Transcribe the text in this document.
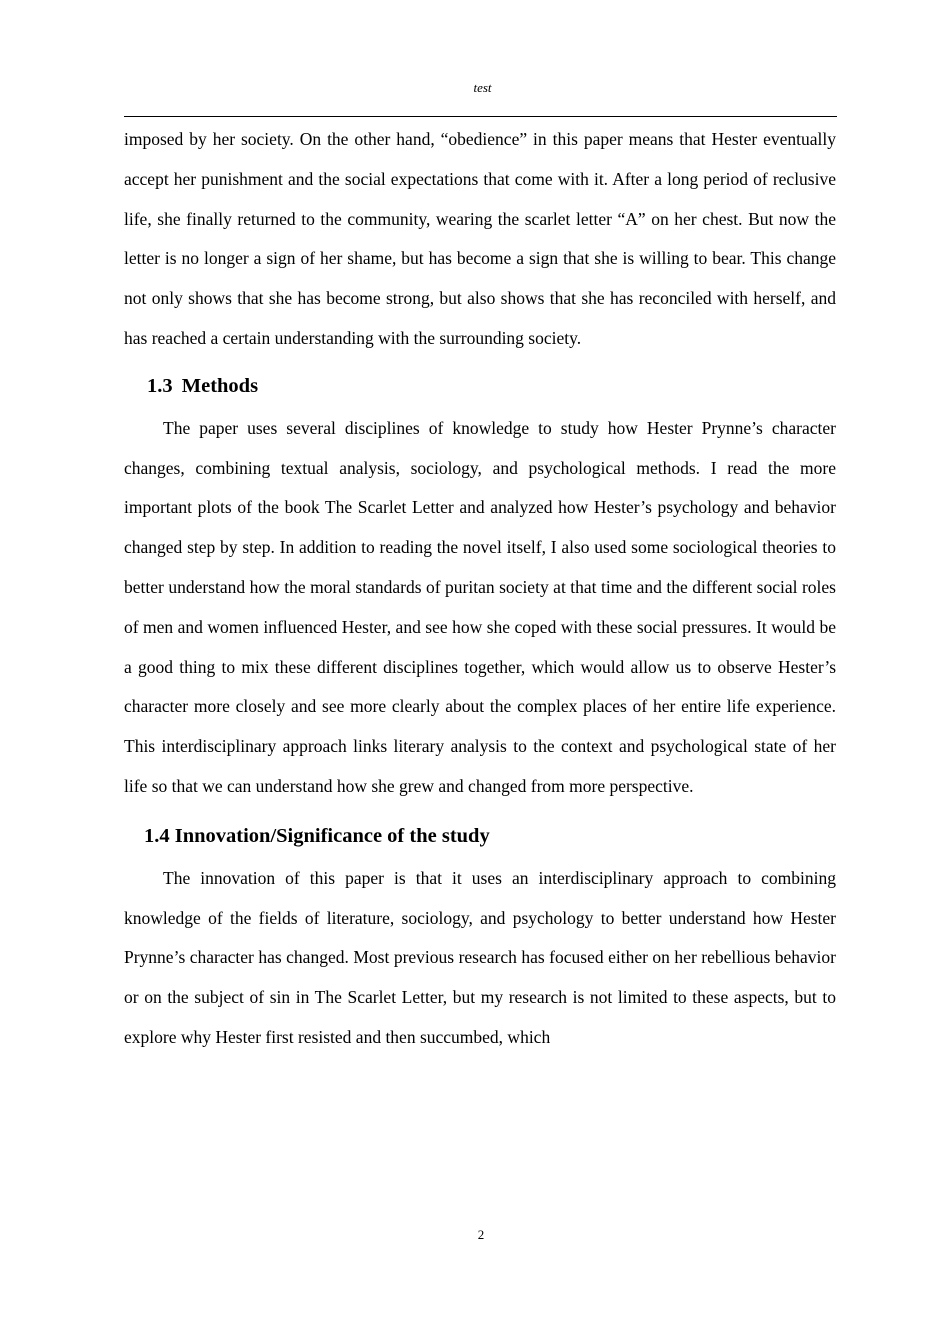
test

imposed by her society. On the other hand, “obedience” in this paper means that Hester eventually accept her punishment and the social expectations that come with it. After a long period of reclusive life, she finally returned to the community, wearing the scarlet letter “A” on her chest. But now the letter is no longer a sign of her shame, but has become a sign that she is willing to bear. This change not only shows that she has become strong, but also shows that she has reconciled with herself, and has reached a certain understanding with the surrounding society.

1.3 Methods

The paper uses several disciplines of knowledge to study how Hester Prynne’s character changes, combining textual analysis, sociology, and psychological methods. I read the more important plots of the book The Scarlet Letter and analyzed how Hester’s psychology and behavior changed step by step. In addition to reading the novel itself, I also used some sociological theories to better understand how the moral standards of puritan society at that time and the different social roles of men and women influenced Hester, and see how she coped with these social pressures. It would be a good thing to mix these different disciplines together, which would allow us to observe Hester’s character more closely and see more clearly about the complex places of her entire life experience. This interdisciplinary approach links literary analysis to the context and psychological state of her life so that we can understand how she grew and changed from more perspective.

1.4 Innovation/Significance of the study

The innovation of this paper is that it uses an interdisciplinary approach to combining knowledge of the fields of literature, sociology, and psychology to better understand how Hester Prynne’s character has changed. Most previous research has focused either on her rebellious behavior or on the subject of sin in The Scarlet Letter, but my research is not limited to these aspects, but to explore why Hester first resisted and then succumbed, which

2
